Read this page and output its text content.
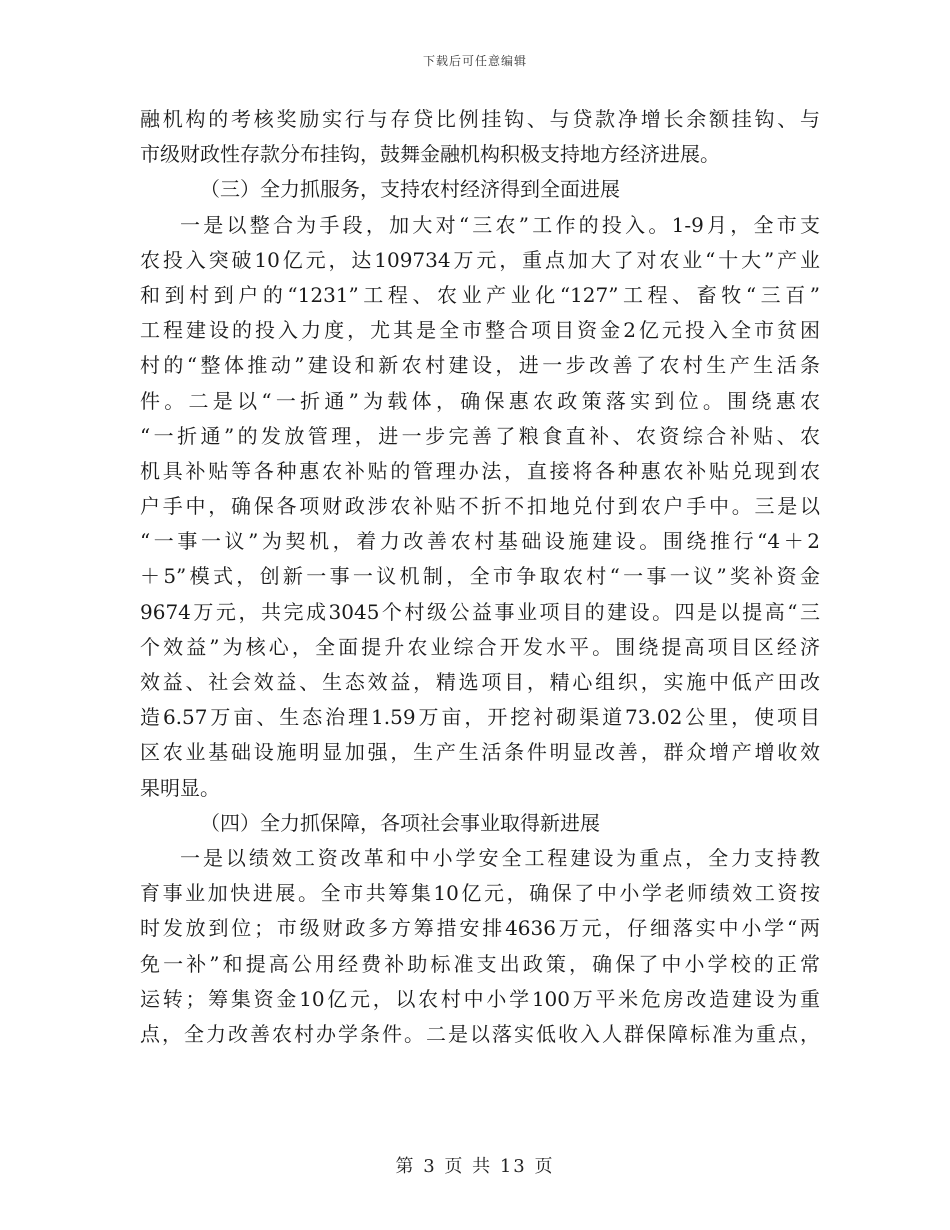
下载后可任意编辑
融机构的考核奖励实行与存贷比例挂钩、与贷款净增长余额挂钩、与
市级财政性存款分布挂钩，鼓舞金融机构积极支持地方经济进展。
（三）全力抓服务，支持农村经济得到全面进展
一是以整合为手段，加大对“三农”工作的投入。1-9月，全市支
农投入突破10亿元，达109734万元，重点加大了对农业“十大”产业
和到村到户的“1231”工程、农业产业化“127”工程、畜牧“三百”
工程建设的投入力度，尤其是全市整合项目资金2亿元投入全市贫困
村的“整体推动”建设和新农村建设，进一步改善了农村生产生活条
件。二是以“一折通”为载体，确保惠农政策落实到位。围绕惠农
“一折通”的发放管理，进一步完善了粮食直补、农资综合补贴、农
机具补贴等各种惠农补贴的管理办法，直接将各种惠农补贴兑现到农
户手中，确保各项财政涉农补贴不折不扣地兑付到农户手中。三是以
“一事一议”为契机，着力改善农村基础设施建设。围绕推行“4＋2
＋5”模式，创新一事一议机制，全市争取农村“一事一议”奖补资金
9674万元，共完成3045个村级公益事业项目的建设。四是以提高“三
个效益”为核心，全面提升农业综合开发水平。围绕提高项目区经济
效益、社会效益、生态效益，精选项目，精心组织，实施中低产田改
造6.57万亩、生态治理1.59万亩，开挖衬砌渠道73.02公里，使项目
区农业基础设施明显加强，生产生活条件明显改善，群众增产增收效
果明显。
（四）全力抓保障，各项社会事业取得新进展
一是以绩效工资改革和中小学安全工程建设为重点，全力支持教
育事业加快进展。全市共筹集10亿元，确保了中小学老师绩效工资按
时发放到位；市级财政多方筹措安排4636万元，仔细落实中小学“两
免一补”和提高公用经费补助标准支出政策，确保了中小学校的正常
运转；筹集资金10亿元，以农村中小学100万平米危房改造建设为重
点，全力改善农村办学条件。二是以落实低收入人群保障标准为重点，
第 3 页 共 13 页
